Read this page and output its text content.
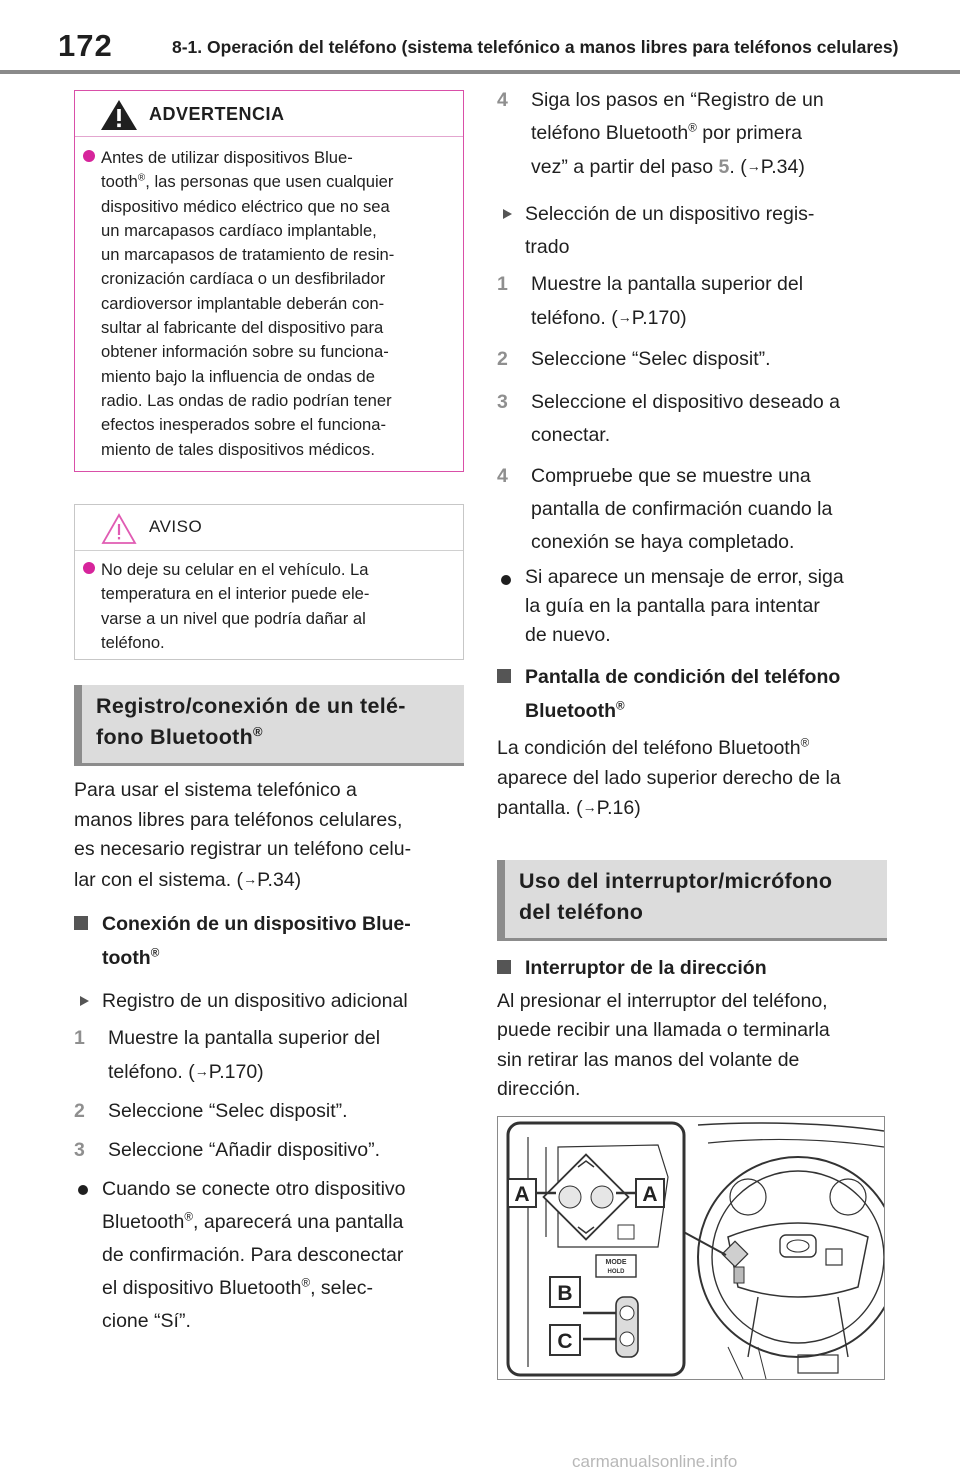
172	8-1. Operación del teléfono (sistema telefónico a manos libres para teléfonos celulares)
ADVERTENCIA
Antes de utilizar dispositivos Blue-
tooth®, las personas que usen cualquier
dispositivo médico eléctrico que no sea
un marcapasos cardíaco implantable,
un marcapasos de tratamiento de resin-
cronización cardíaca o un desfibrilador
cardioversor implantable deberán con-
sultar al fabricante del dispositivo para
obtener información sobre su funciona-
miento bajo la influencia de ondas de
radio. Las ondas de radio podrían tener
efectos inesperados sobre el funciona-
miento de tales dispositivos médicos.
AVISO
No deje su celular en el vehículo. La
temperatura en el interior puede ele-
varse a un nivel que podría dañar al
teléfono.
Registro/conexión de un telé-
fono Bluetooth®
Para usar el sistema telefónico a
manos libres para teléfonos celulares,
es necesario registrar un teléfono celu-
lar con el sistema. (→P.34)
Conexión de un dispositivo Blue-
tooth®
Registro de un dispositivo adicional
1 Muestre la pantalla superior del
teléfono. (→P.170)
2 Seleccione “Selec disposit”.
3 Seleccione “Añadir dispositivo”.
Cuando se conecte otro dispositivo
Bluetooth®, aparecerá una pantalla
de confirmación. Para desconectar
el dispositivo Bluetooth®, selec-
cione “Sí”.
4 Siga los pasos en “Registro de un
teléfono Bluetooth® por primera
vez” a partir del paso 5. (→P.34)
Selección de un dispositivo regis-
trado
1 Muestre la pantalla superior del
teléfono. (→P.170)
2 Seleccione “Selec disposit”.
3 Seleccione el dispositivo deseado a
conectar.
4 Compruebe que se muestre una
pantalla de confirmación cuando la
conexión se haya completado.
Si aparece un mensaje de error, siga
la guía en la pantalla para intentar
de nuevo.
Pantalla de condición del teléfono
Bluetooth®
La condición del teléfono Bluetooth®
aparece del lado superior derecho de la
pantalla. (→P.16)
Uso del interruptor/micrófono
del teléfono
Interruptor de la dirección
Al presionar el interruptor del teléfono,
puede recibir una llamada o terminarla
sin retirar las manos del volante de
dirección.
MODE
HOLD
A	A
B
C
carmanualsonline.info
